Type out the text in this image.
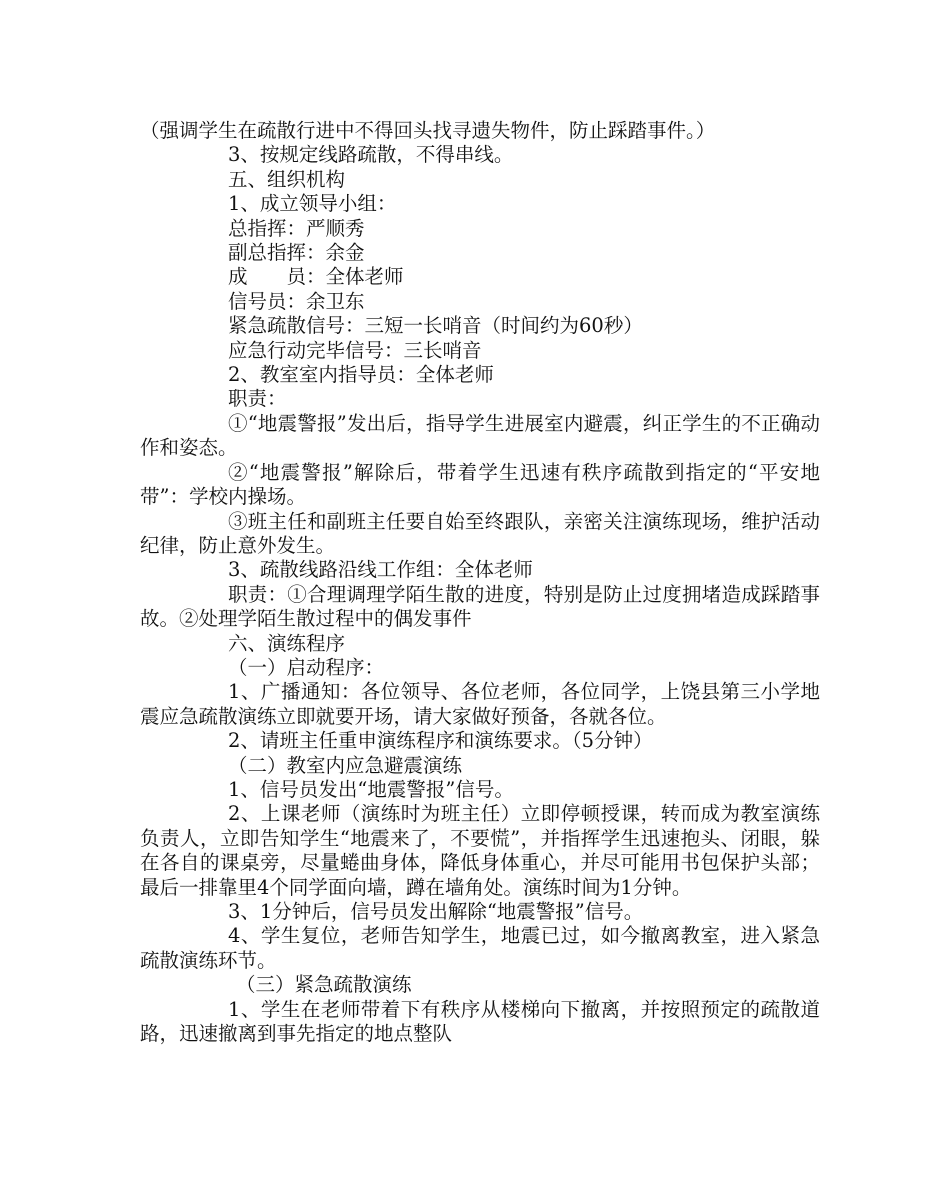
（强调学生在疏散行进中不得回头找寻遗失物件，防止踩踏事件。）

3、按规定线路疏散，不得串线。

五、组织机构

1、成立领导小组：

总指挥：严顺秀

副总指挥：余金

成　　员：全体老师

信号员：余卫东

紧急疏散信号：三短一长哨音（时间约为60秒）

应急行动完毕信号：三长哨音

2、教室室内指导员：全体老师

职责：

①“地震警报”发出后，指导学生进展室内避震，纠正学生的不正确动作和姿态。

②“地震警报”解除后，带着学生迅速有秩序疏散到指定的“平安地带”：学校内操场。

③班主任和副班主任要自始至终跟队，亲密关注演练现场，维护活动纪律，防止意外发生。

3、疏散线路沿线工作组：全体老师

职责：①合理调理学陌生散的进度，特别是防止过度拥堵造成踩踏事故。②处理学陌生散过程中的偶发事件

六、演练程序

（一）启动程序：

1、广播通知：各位领导、各位老师，各位同学，上饶县第三小学地震应急疏散演练立即就要开场，请大家做好预备，各就各位。

2、请班主任重申演练程序和演练要求。（5分钟）

（二）教室内应急避震演练

1、信号员发出“地震警报”信号。

2、上课老师（演练时为班主任）立即停顿授课，转而成为教室演练负责人，立即告知学生“地震来了，不要慌”，并指挥学生迅速抱头、闭眼，躲在各自的课桌旁，尽量蜷曲身体，降低身体重心，并尽可能用书包保护头部；最后一排靠里4个同学面向墙，蹲在墙角处。演练时间为1分钟。

3、1分钟后，信号员发出解除“地震警报”信号。

4、学生复位，老师告知学生，地震已过，如今撤离教室，进入紧急疏散演练环节。

（三）紧急疏散演练

1、学生在老师带着下有秩序从楼梯向下撤离，并按照预定的疏散道路，迅速撤离到事先指定的地点整队
